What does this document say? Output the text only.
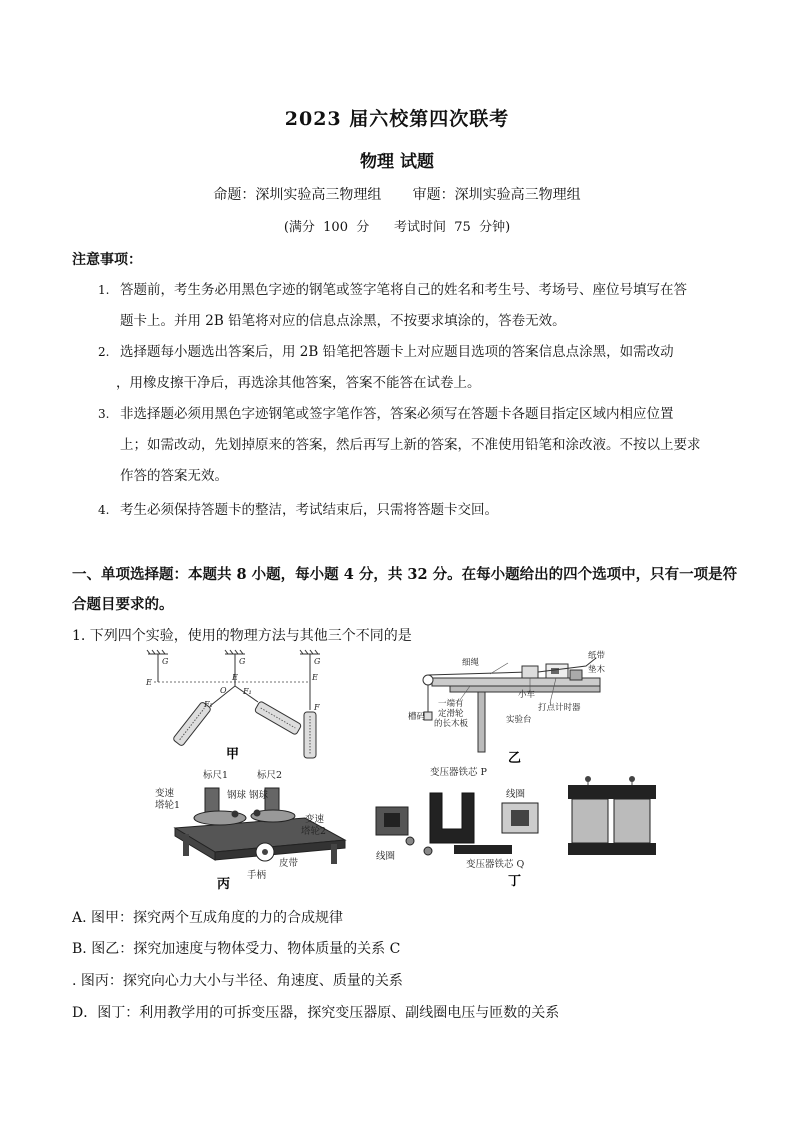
2023 届六校第四次联考
物理 试题
命题：深圳实验高三物理组       审题：深圳实验高三物理组
(满分  100  分      考试时间  75  分钟)
注意事项：
1. 答题前，考生务必用黑色字迹的钢笔或签字笔将自己的姓名和考生号、考场号、座位号填写在答
题卡上。并用 2B 铅笔将对应的信息点涂黑，不按要求填涂的，答卷无效。
2. 选择题每小题选出答案后，用 2B 铅笔把答题卡上对应题目选项的答案信息点涂黑，如需改动
，用橡皮擦干净后，再选涂其他答案，答案不能答在试卷上。
3. 非选择题必须用黑色字迹钢笔或签字笔作答，答案必须写在答题卡各题目指定区域内相应位置
上；如需改动，先划掉原来的答案，然后再写上新的答案，不准使用铅笔和涂改液。不按以上要求
作答的答案无效。
4. 考生必须保持答题卡的整洁，考试结束后，只需将答题卡交回。
一、单项选择题：本题共 8 小题，每小题 4 分，共 32 分。在每小题给出的四个选项中，只有一项是符
合题目要求的。
1. 下列四个实验，使用的物理方法与其他三个不同的是
G	G	G
E
E	E
O F₁
F₂	F
甲
细绳
纸带
垫木
小车
打点计时器
槽码	实验台
一端有
定滑轮
的长木板
乙
标尺1	标尺2
钢球 钢球
皮带
手柄
变速
塔轮1
变速
塔轮2
丙
变压器铁芯 P
线圈
线圈
变压器铁芯 Q
丁
A. 图甲：探究两个互成角度的力的合成规律
B. 图乙：探究加速度与物体受力、物体质量的关系 C
. 图丙：探究向心力大小与半径、角速度、质量的关系
D．图丁：利用教学用的可拆变压器，探究变压器原、副线圈电压与匝数的关系
